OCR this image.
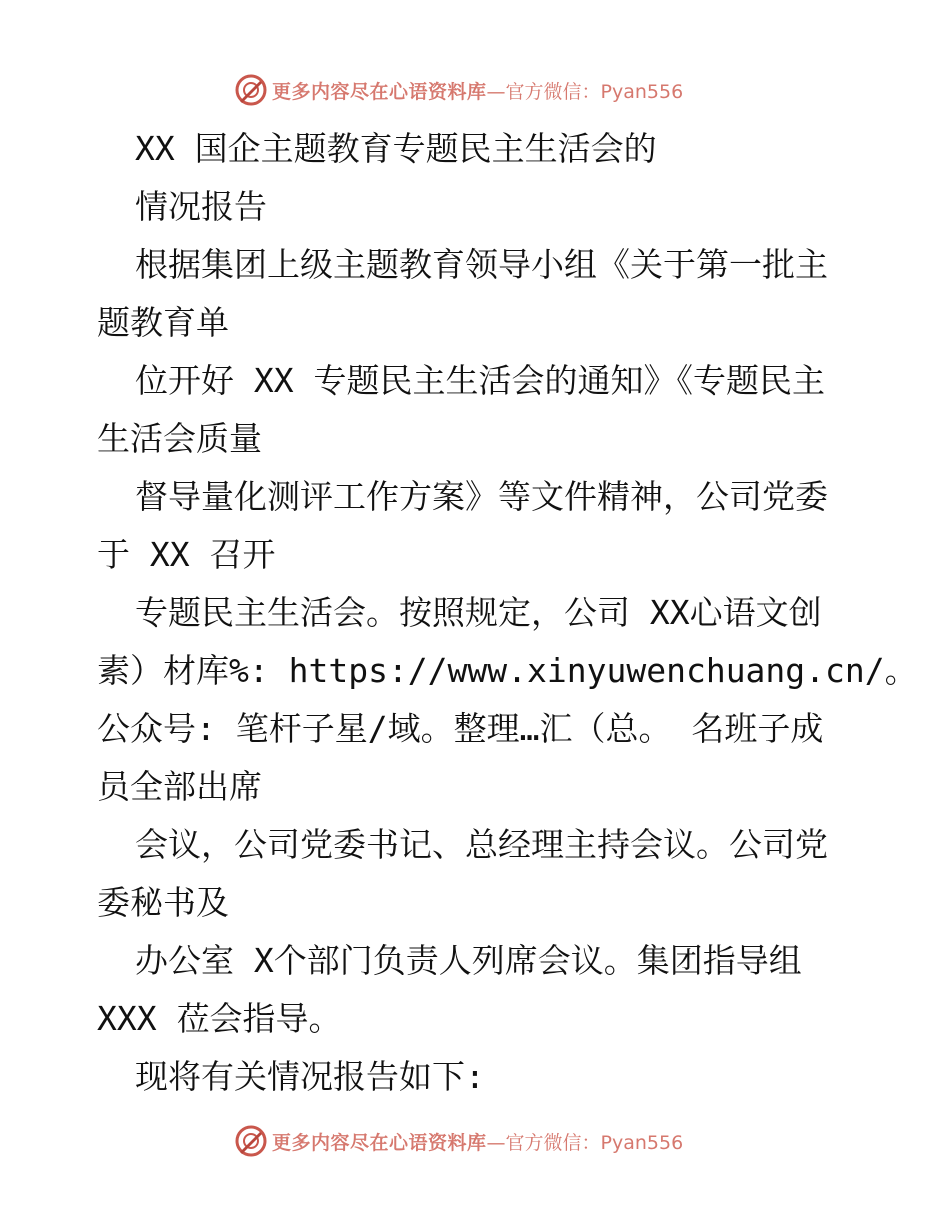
更多内容尽在心语资料库 —官方微信：Pyan556
XX 国企主题教育专题民主生活会的
情况报告
根据集团上级主题教育领导小组《关于第一批主
题教育单
位开好 XX 专题民主生活会的通知》《专题民主
生活会质量
督导量化测评工作方案》等文件精神，公司党委
于 XX 召开
专题民主生活会。按照规定，公司 XX心语文创
素）材库%: https://www.xinyuwenchuang.cn/。
公众号: 笔杆子星/域。整理…汇（总。 名班子成
员全部出席
会议，公司党委书记、总经理主持会议。公司党
委秘书及
办公室 X个部门负责人列席会议。集团指导组
XXX 莅会指导。
现将有关情况报告如下:
更多内容尽在心语资料库 —官方微信：Pyan556
